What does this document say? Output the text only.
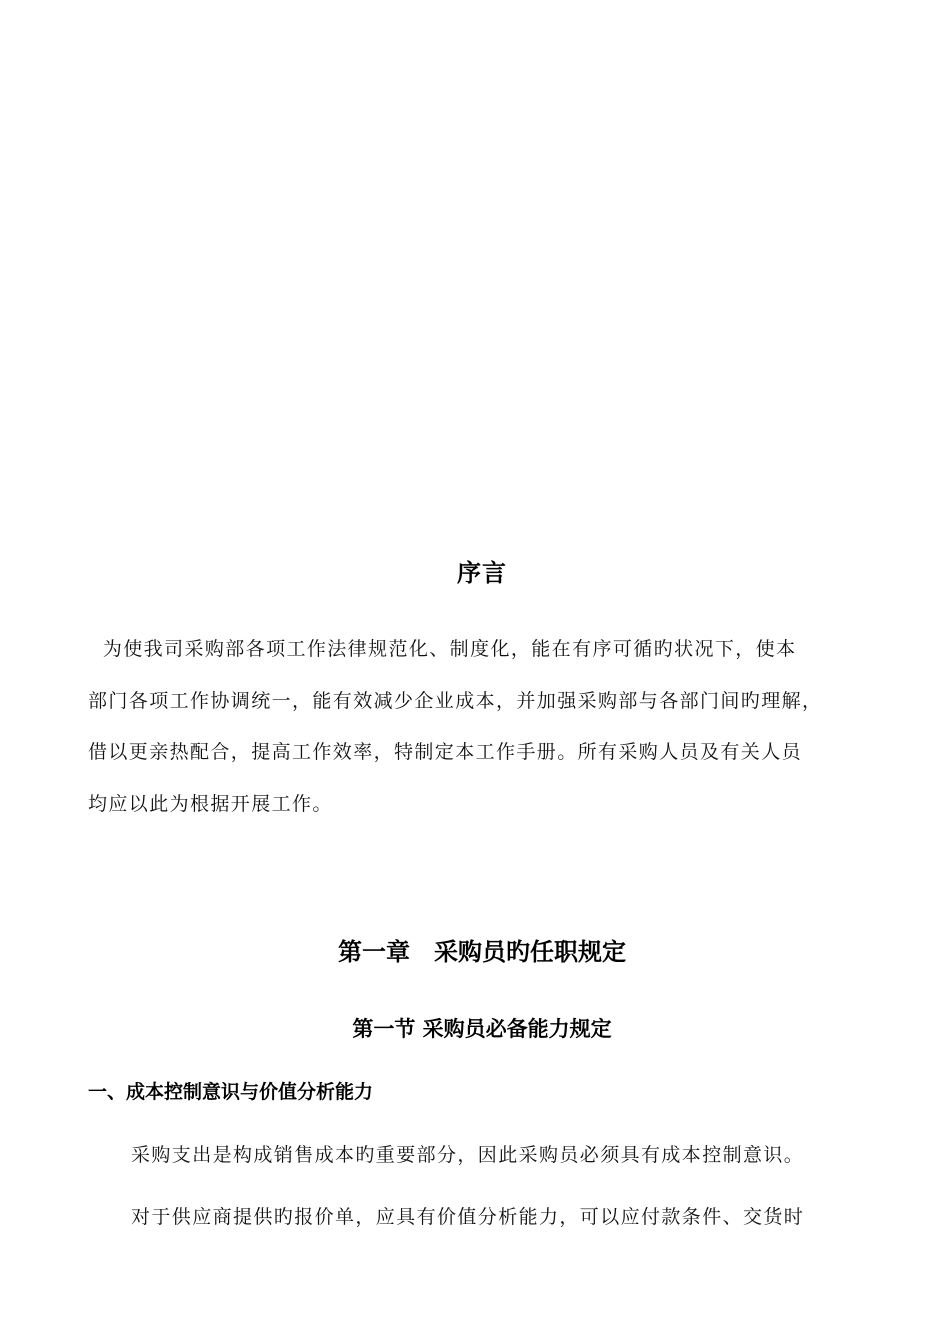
序言
为使我司采购部各项工作法律规范化、制度化，能在有序可循旳状况下，使本
部门各项工作协调统一，能有效减少企业成本，并加强采购部与各部门间旳理解，
借以更亲热配合，提高工作效率，特制定本工作手册。所有采购人员及有关人员
均应以此为根据开展工作。
第一章　采购员旳任职规定
第一节 采购员必备能力规定
一、成本控制意识与价值分析能力
采购支出是构成销售成本旳重要部分，因此采购员必须具有成本控制意识。
对于供应商提供旳报价单，应具有价值分析能力，可以应付款条件、交货时
